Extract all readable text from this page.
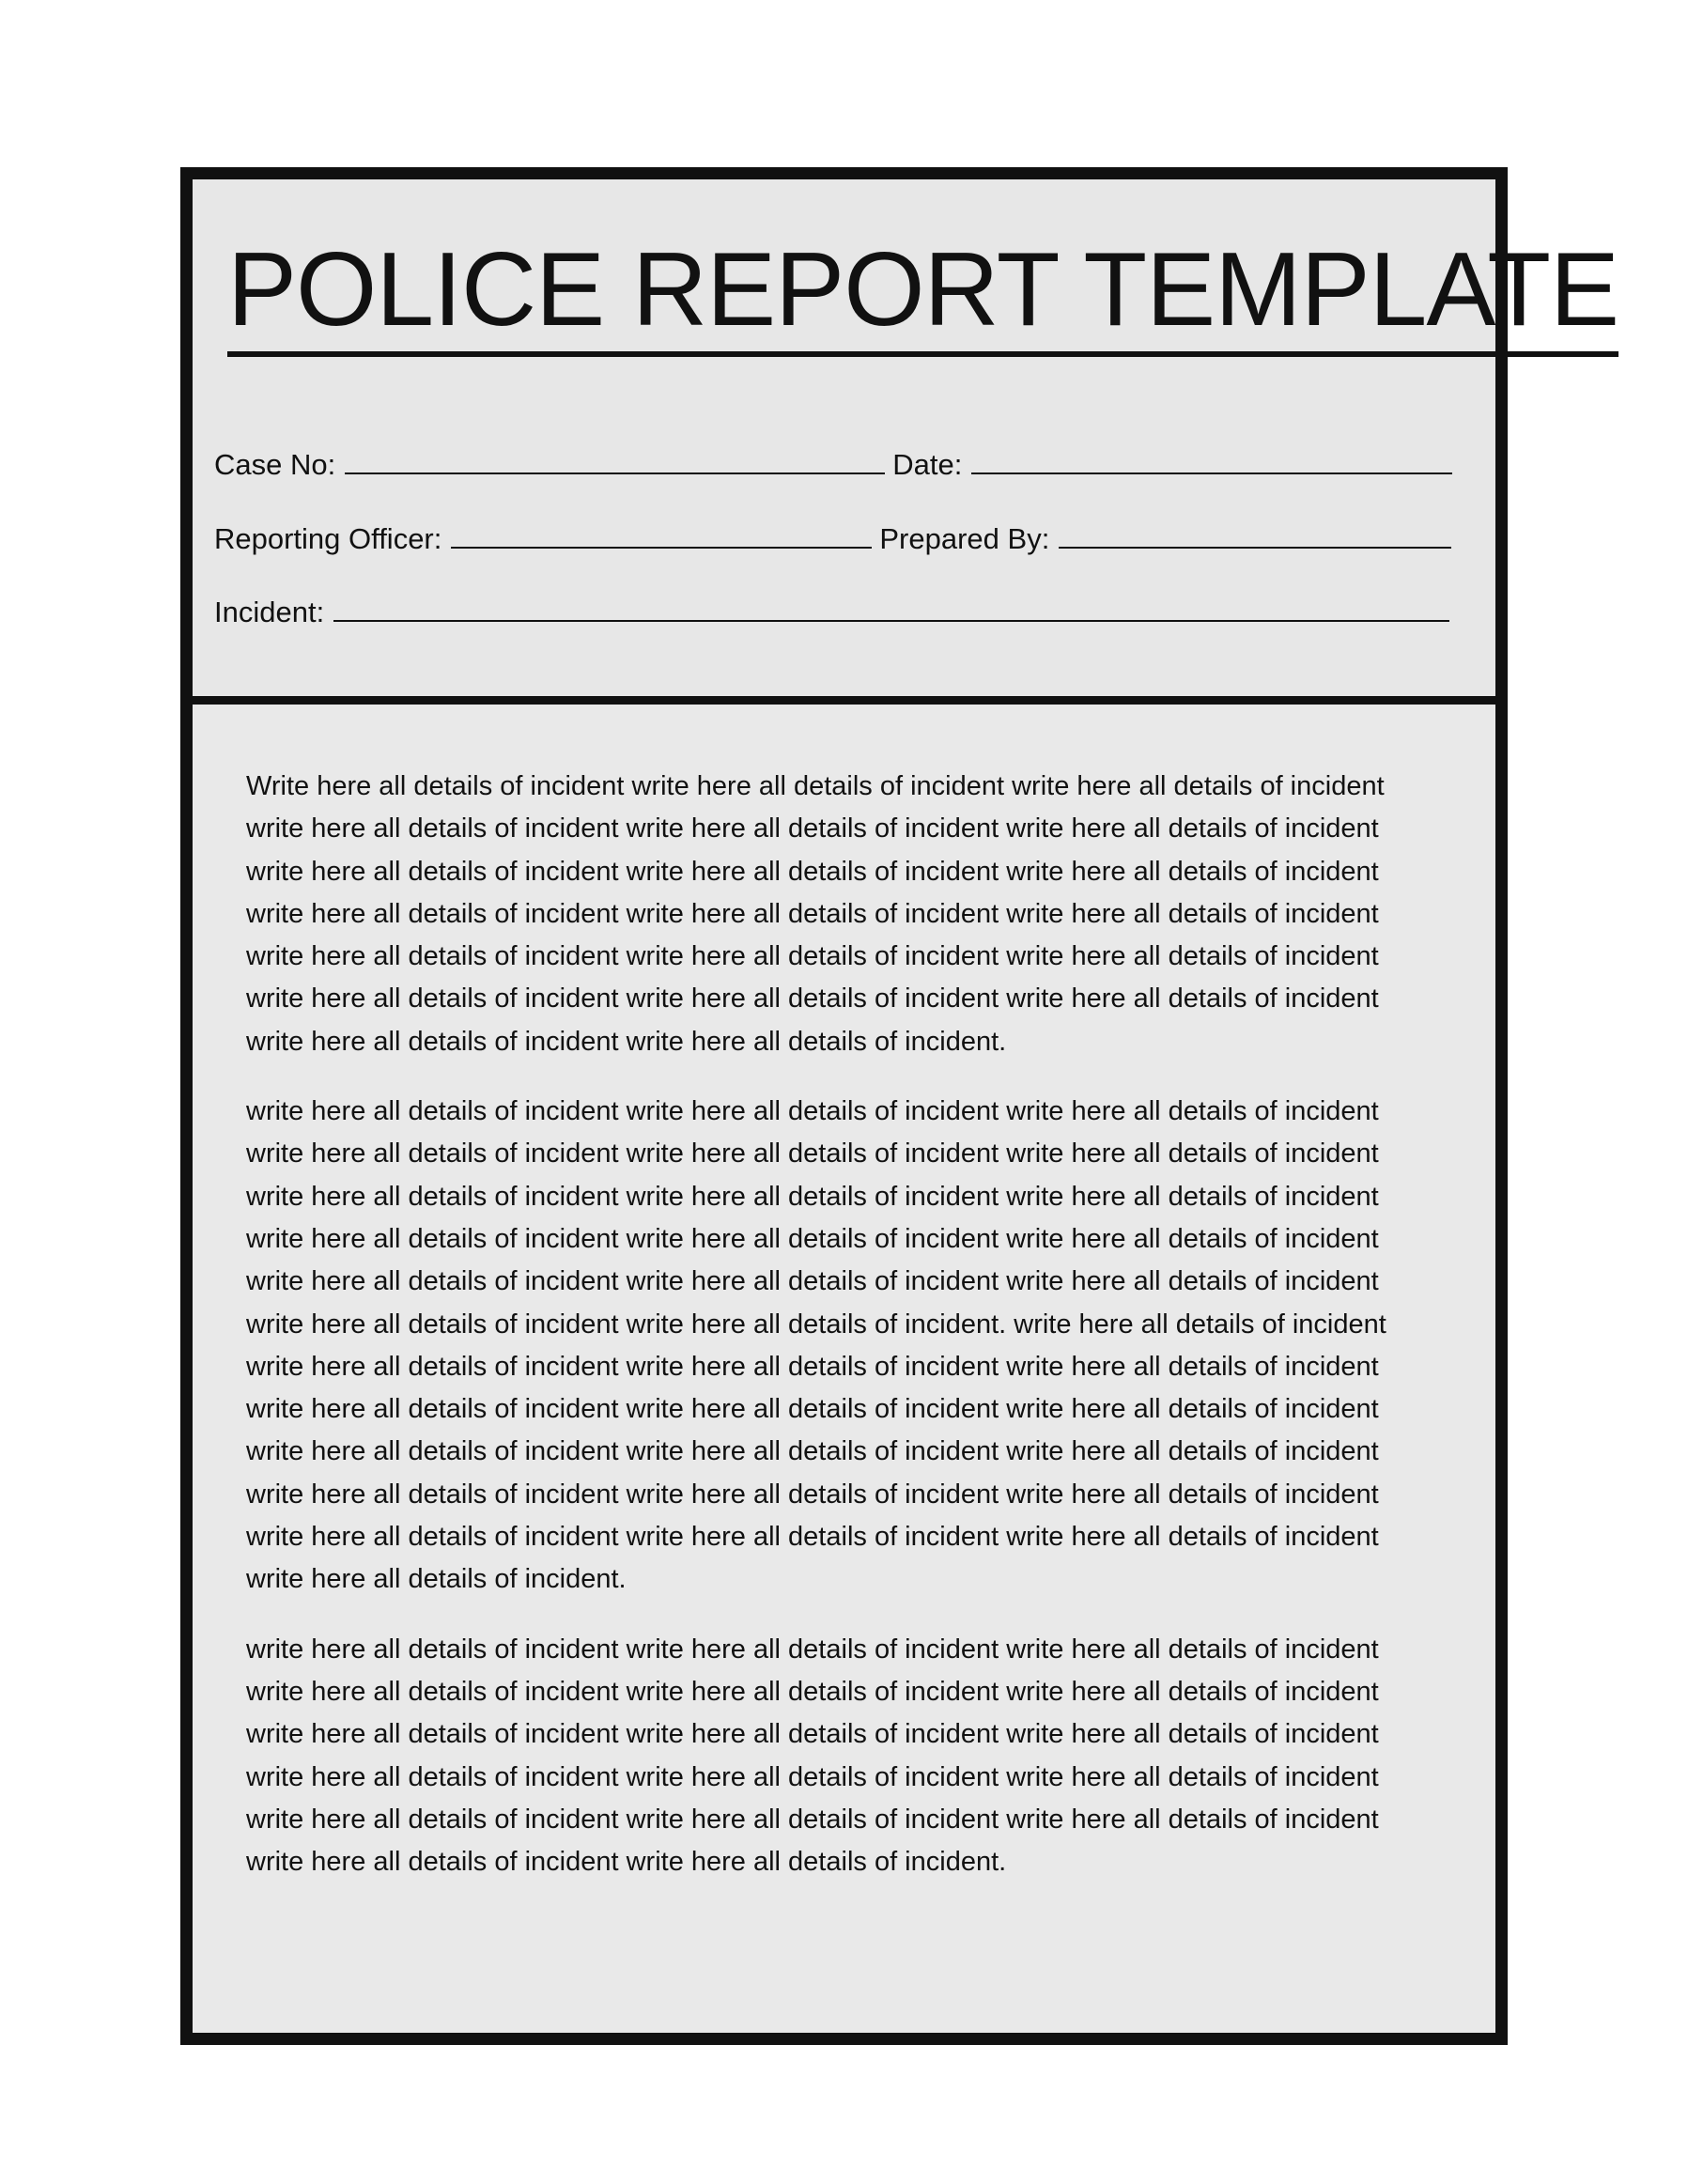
POLICE REPORT TEMPLATE
Case No:	Date:
Reporting Officer:	Prepared By:
Incident:

Write here all details of incident write here all details of incident write here all details of incident
write here all details of incident write here all details of incident write here all details of incident
write here all details of incident write here all details of incident write here all details of incident
write here all details of incident write here all details of incident write here all details of incident
write here all details of incident write here all details of incident write here all details of incident
write here all details of incident write here all details of incident write here all details of incident
write here all details of incident write here all details of incident.

write here all details of incident write here all details of incident write here all details of incident
write here all details of incident write here all details of incident write here all details of incident
write here all details of incident write here all details of incident write here all details of incident
write here all details of incident write here all details of incident write here all details of incident
write here all details of incident write here all details of incident write here all details of incident
write here all details of incident write here all details of incident. write here all details of incident
write here all details of incident write here all details of incident write here all details of incident
write here all details of incident write here all details of incident write here all details of incident
write here all details of incident write here all details of incident write here all details of incident
write here all details of incident write here all details of incident write here all details of incident
write here all details of incident write here all details of incident write here all details of incident
write here all details of incident.

write here all details of incident write here all details of incident write here all details of incident
write here all details of incident write here all details of incident write here all details of incident
write here all details of incident write here all details of incident write here all details of incident
write here all details of incident write here all details of incident write here all details of incident
write here all details of incident write here all details of incident write here all details of incident
write here all details of incident write here all details of incident.
